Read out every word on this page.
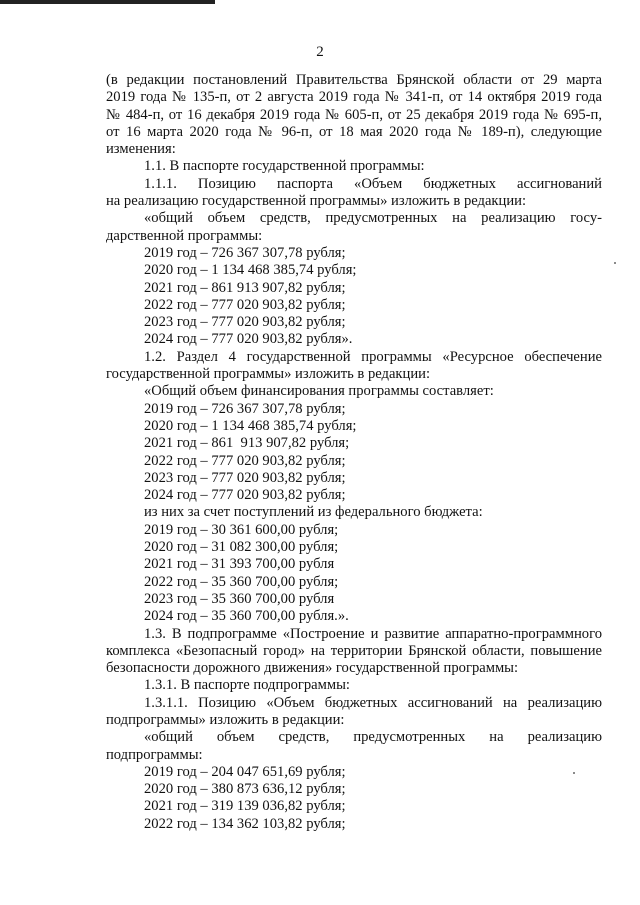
2

(в редакции постановлений Правительства Брянской области от 29 марта

2019 года № 135-п, от 2 августа 2019 года № 341-п, от 14 октября 2019 года

№ 484-п, от 16 декабря 2019 года № 605-п, от 25 декабря 2019 года № 695-п,

от 16 марта 2020 года № 96-п, от 18 мая 2020 года № 189-п), следующие

изменения:

1.1. В паспорте государственной программы:

1.1.1. Позицию паспорта «Объем бюджетных ассигнований

на реализацию государственной программы» изложить в редакции:

«общий объем средств, предусмотренных на реализацию госу-

дарственной программы:

2019 год – 726 367 307,78 рубля;

2020 год – 1 134 468 385,74 рубля;

2021 год – 861 913 907,82 рубля;

2022 год – 777 020 903,82 рубля;

2023 год – 777 020 903,82 рубля;

2024 год – 777 020 903,82 рубля».

1.2. Раздел 4 государственной программы «Ресурсное обеспечение

государственной программы» изложить в редакции:

«Общий объем финансирования программы составляет:

2019 год – 726 367 307,78 рубля;

2020 год – 1 134 468 385,74 рубля;

2021 год – 861  913 907,82 рубля;

2022 год – 777 020 903,82 рубля;

2023 год – 777 020 903,82 рубля;

2024 год – 777 020 903,82 рубля;

из них за счет поступлений из федерального бюджета:

2019 год – 30 361 600,00 рубля;

2020 год – 31 082 300,00 рубля;

2021 год – 31 393 700,00 рубля

2022 год – 35 360 700,00 рубля;

2023 год – 35 360 700,00 рубля

2024 год – 35 360 700,00 рубля.».

1.3. В подпрограмме «Построение и развитие аппаратно-программного

комплекса «Безопасный город» на территории Брянской области, повышение

безопасности дорожного движения» государственной программы:

1.3.1. В паспорте подпрограммы:

1.3.1.1. Позицию «Объем бюджетных ассигнований на реализацию

подпрограммы» изложить в редакции:

«общий объем средств, предусмотренных на реализацию

подпрограммы:

2019 год – 204 047 651,69 рубля;

2020 год – 380 873 636,12 рубля;

2021 год – 319 139 036,82 рубля;

2022 год – 134 362 103,82 рубля;
